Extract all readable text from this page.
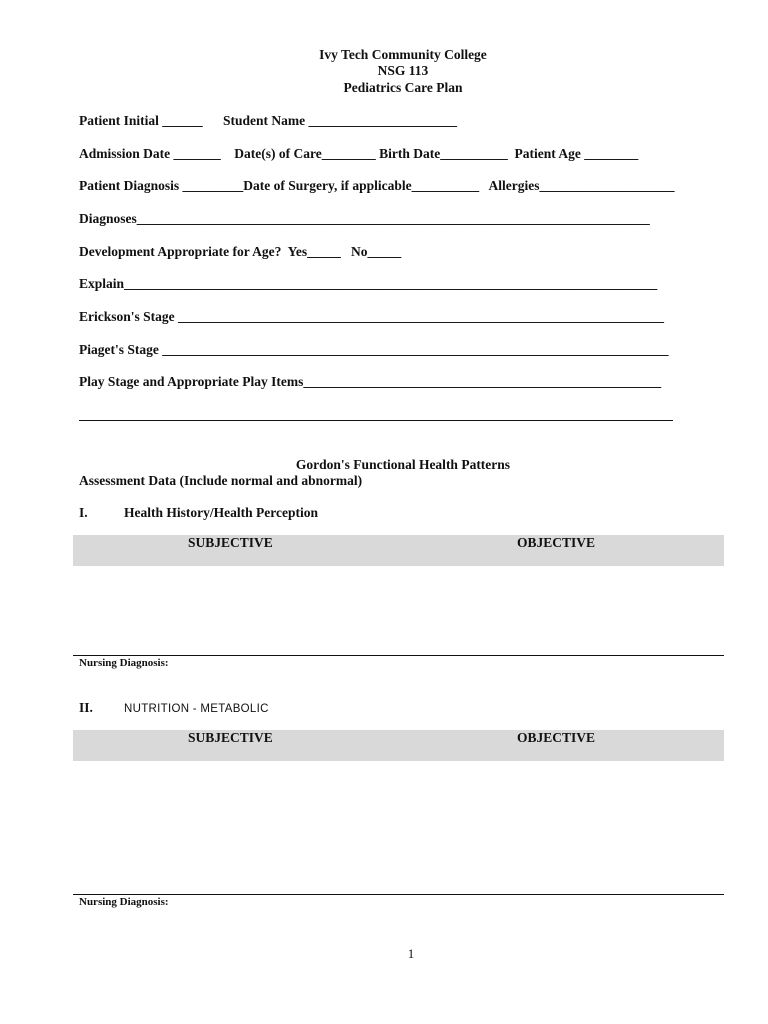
Ivy Tech Community College
NSG 113
Pediatrics Care Plan
Patient Initial ______      Student Name ______________________
Admission Date _______    Date(s) of Care________ Birth Date__________  Patient Age ________
Patient Diagnosis _________Date of Surgery, if applicable__________   Allergies____________________
Diagnoses____________________________________________________________________________
Development Appropriate for Age?  Yes_____   No_____
Explain_______________________________________________________________________________
Erickson's Stage ________________________________________________________________________
Piaget's Stage ___________________________________________________________________________
Play Stage and Appropriate Play Items_____________________________________________________
Gordon's Functional Health Patterns
Assessment Data (Include normal and abnormal)
I.	Health History/Health Perception
SUBJECTIVE	OBJECTIVE
Nursing Diagnosis:
II.	NUTRITION - METABOLIC
SUBJECTIVE	OBJECTIVE
Nursing Diagnosis:
1
